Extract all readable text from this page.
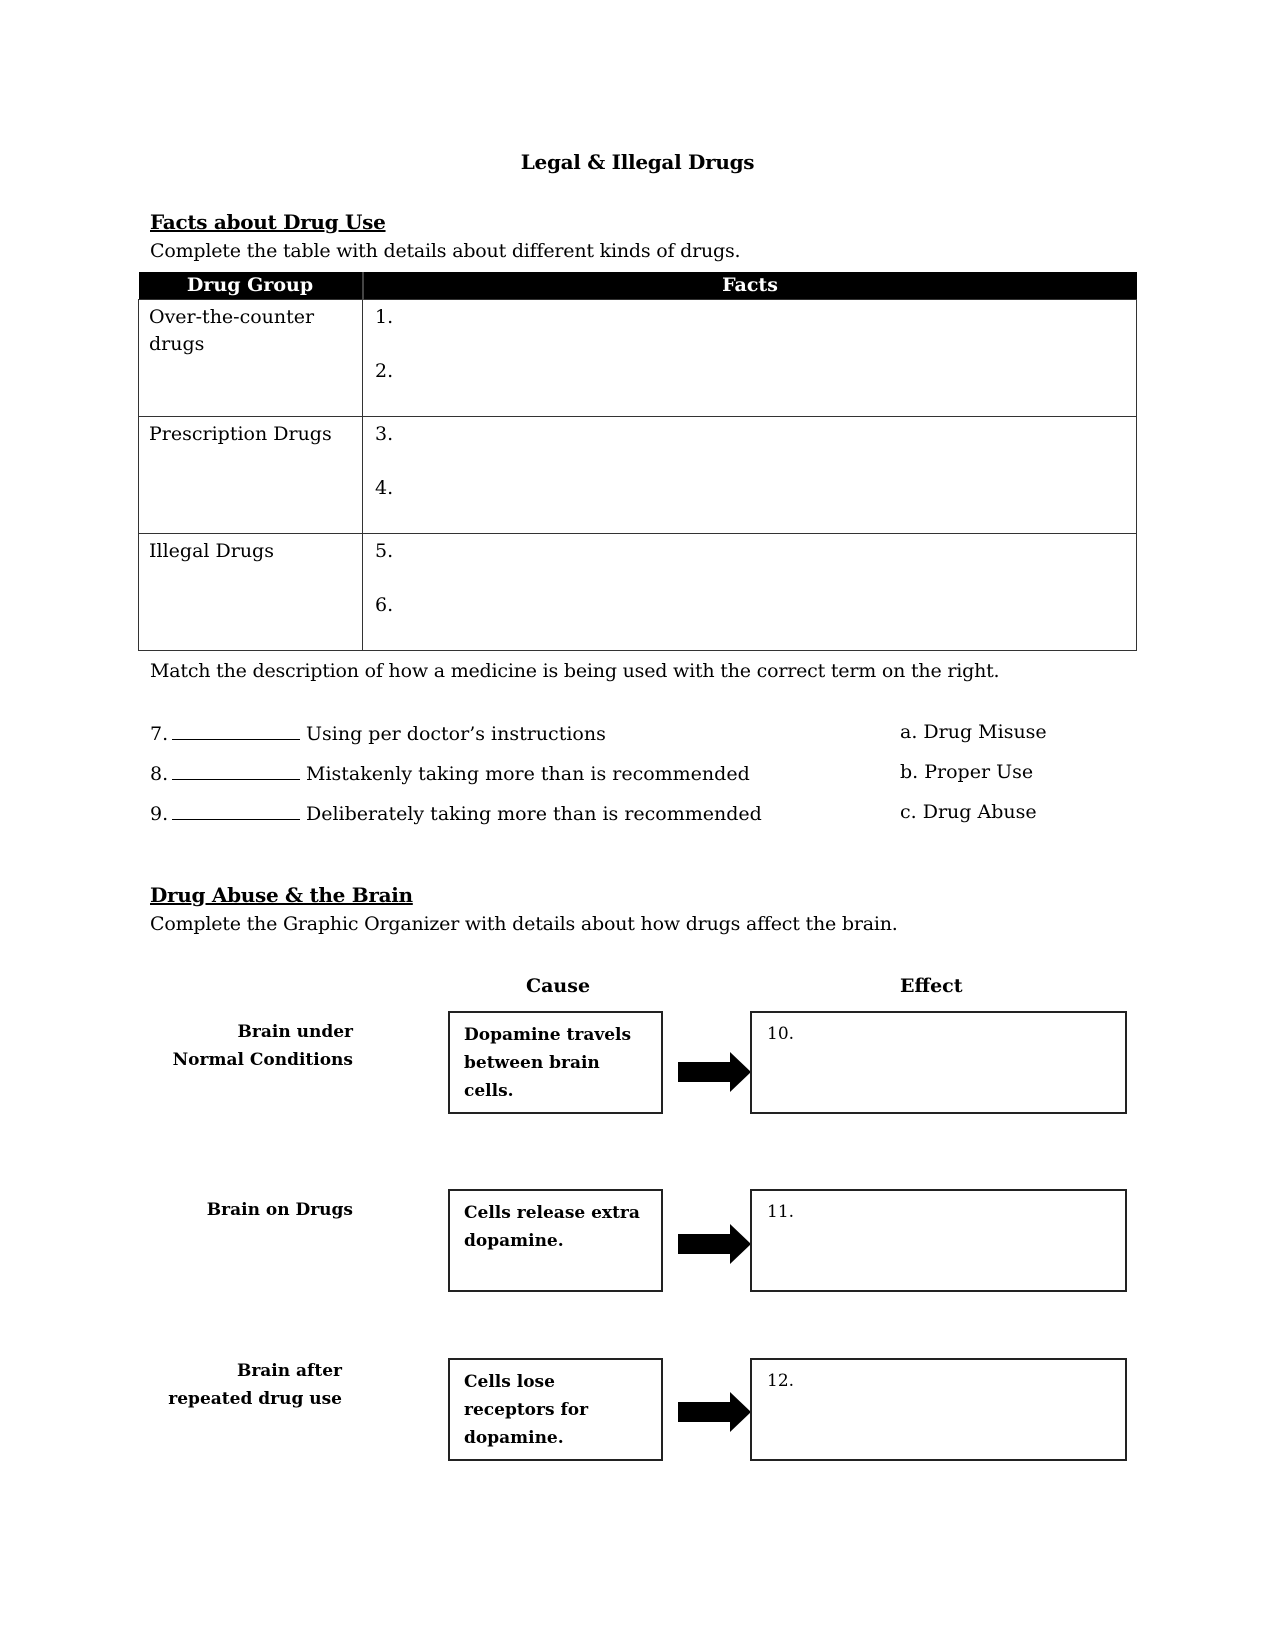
Legal & Illegal Drugs
Facts about Drug Use
Complete the table with details about different kinds of drugs.
Drug Group	Facts
Over-the-counter drugs	1.
2.

Prescription Drugs	3.
4.

Illegal Drugs	5.
6.
Match the description of how a medicine is being used with the correct term on the right.
7.	Using per doctor’s instructions
8.	Mistakenly taking more than is recommended
9.	Deliberately taking more than is recommended
a. Drug Misuse
b. Proper Use
c. Drug Abuse
Drug Abuse & the Brain
Complete the Graphic Organizer with details about how drugs affect the brain.
Cause	Effect
Brain under
Normal Conditions
Dopamine travels between brain cells.
10.
Brain on Drugs	Cells release extra dopamine.
11.
Brain after
repeated drug use
Cells lose receptors for dopamine.
12.
